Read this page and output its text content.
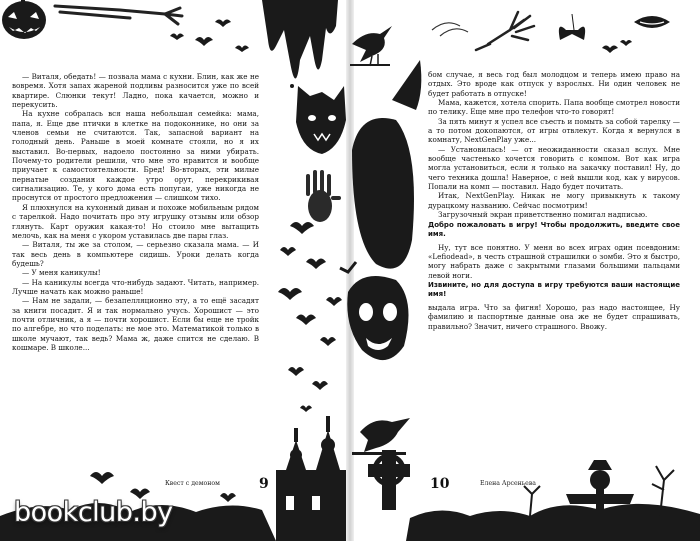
— Виталя, обедать! — позвала мама с кухни. Блин, как же не вовремя. Хотя запах жареной подливы разносится уже по всей квартире. Слюнки текут! Ладно, пока качается, можно и перекусить.

На кухне собралась вся наша небольшая семейка: мама, папа, я. Еще две птички в клетке на подоконнике, но они за членов семьи не считаются. Так, запасной вариант на голодный день. Раньше в моей комнате стояли, но я их выставил. Во-первых, надоело постоянно за ними убирать. Почему-то родители решили, что мне это нравится и вообще приучает к самостоятельности. Бред! Во-вторых, эти милые пернатые создания каждое утро орут, перекрикивая сигнализацию. Те, у кого дома есть попугаи, уже никогда не проснутся от простого предложения — слишком тихо.

Я плюхнулся на кухонный диван и похоже мобильным рядом с тарелкой. Надо почитать про эту игрушку отзывы или обзор глянуть. Карт оружия какая-то! Но стоило мне вытащить мелочь, как на меня с укором уставилась две пары глаз.

— Виталя, ты же за столом, — серьезно сказала мама. — И так весь день в компьютере сидишь. Уроки делать когда будешь?

— У меня каникулы!

— На каникулы всегда что-нибудь задают. Читать, например. Лучше начать как можно раньше!

— Нам не задали, — безапелляционно эту, а то ещё засадят за книги посадит. Я и так нормально учусь. Хорошист — это почти отличник, а я — почти хорошист. Если бы еще не тройк по алгебре, но что поделать: не мое это. Математикой только в школе мучают, так ведь? Мама ж, даже спится не сделаю. В кошмаре. В школе...

Квест с демоном	9

бом случае, я весь год был молодцом и теперь имею право на отдых. Это вроде как отпуск у взрослых. Ни один человек не будет работать в отпуске!

Мама, кажется, хотела спорить. Папа вообще смотрел новости по телику. Еще мне про телефон что-то говорят!

За пять минут я успел все съесть и помыть за собой тарелку — а то потом докопаются, от игры отвлекут. Когда я вернулся в комнату, NextGenPlay уже...

— Установилась! — от неожиданности сказал вслух. Мне вообще частенько хочется говорить с компом. Вот как игра могла установиться, если я только на закачку поставил! Ну, до чего техника дошла! Наверное, с ней вышли код, как у вирусов. Попали на комп — поставил. Надо будет почитать.

Итак, NextGenPlay. Никак не могу привыкнуть к такому дурацкому названию. Сейчас посмотрим!

Загрузочный экран приветственно помигал надписью.

Добро пожаловать в игру! Чтобы продолжить, введите свое имя.

Ну, тут все понятно. У меня во всех играх один псевдоним: «Lefiodead», в честь страшной страшилки о зомби. Это я быстро, могу набрать даже с закрытыми глазами большими пальцами левой ноги.

Извините, но для доступа в игру требуются ваши настоящие имя!

выдала игра. Что за фигня! Хорошо, раз надо настоящее, Ну фамилию и паспортные данные она же не будет спрашивать, правильно? Значит, ничего страшного. Ввожу.

Елена Арсеньева
10
bookclub.by
